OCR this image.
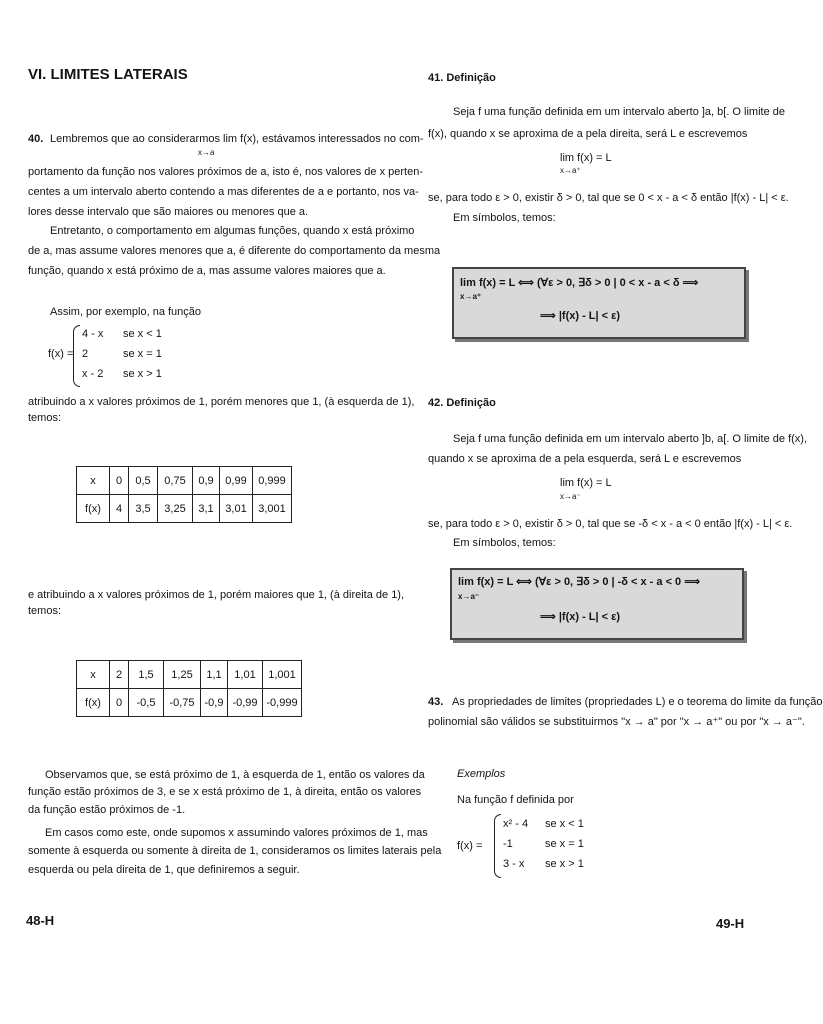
VI. LIMITES LATERAIS
40. Lembremos que ao considerarmos lim f(x), estávamos interessados no com-
x→a
portamento da função nos valores próximos de a, isto é, nos valores de x perten-
centes a um intervalo aberto contendo a mas diferentes de a e portanto, nos va-
lores desse intervalo que são maiores ou menores que a.
Entretanto, o comportamento em algumas funções, quando x está próximo
de a, mas assume valores menores que a, é diferente do comportamento da mesma
função, quando x está próximo de a, mas assume valores maiores que a.
Assim, por exemplo, na função
f(x) =
4 - x se x < 1
2	se x = 1
x - 2 se x > 1
atribuindo a x valores próximos de 1, porém menores que 1, (à esquerda de 1),
temos:
x	0	0,5	0,75	0,9	0,99	0,999
f(x)	4	3,5	3,25	3,1	3,01	3,001
e atribuindo a x valores próximos de 1, porém maiores que 1, (à direita de 1),
temos:
x	2	1,5	1,25	1,1	1,01	1,001
f(x)	0	-0,5	-0,75	-0,9	-0,99	-0,999
Observamos que, se está próximo de 1, à esquerda de 1, então os valores da
função estão próximos de 3, e se x está próximo de 1, à direita, então os valores
da função estão próximos de -1.
Em casos como este, onde supomos x assumindo valores próximos de 1, mas
somente à esquerda ou somente à direita de 1, consideramos os limites laterais pela
esquerda ou pela direita de 1, que definiremos a seguir.
48-H
41. Definição
Seja f uma função definida em um intervalo aberto ]a, b[. O limite de
f(x), quando x se aproxima de a pela direita, será L e escrevemos
lim f(x) = L
x→a⁺
se, para todo ε > 0, existir δ > 0, tal que se 0 < x - a < δ então |f(x) - L| < ε.
Em símbolos, temos:
lim f(x) = L ⟺ (∀ε > 0, ∃δ > 0 | 0 < x - a < δ ⟹
x→a⁺
⟹ |f(x) - L| < ε)
42. Definição
Seja f uma função definida em um intervalo aberto ]b, a[. O limite de f(x),
quando x se aproxima de a pela esquerda, será L e escrevemos
lim f(x) = L
x→a⁻
se, para todo ε > 0, existir δ > 0, tal que se -δ < x - a < 0 então |f(x) - L| < ε.
Em símbolos, temos:
lim f(x) = L ⟺ (∀ε > 0, ∃δ > 0 | -δ < x - a < 0 ⟹
x→a⁻
⟹ |f(x) - L| < ε)
43. As propriedades de limites (propriedades L) e o teorema do limite da função
polinomial são válidos se substituirmos "x → a" por "x → a⁺" ou por "x → a⁻".
Exemplos
Na função f definida por
f(x) =
x² - 4 se x < 1
-1	se x = 1
3 - x se x > 1
49-H
